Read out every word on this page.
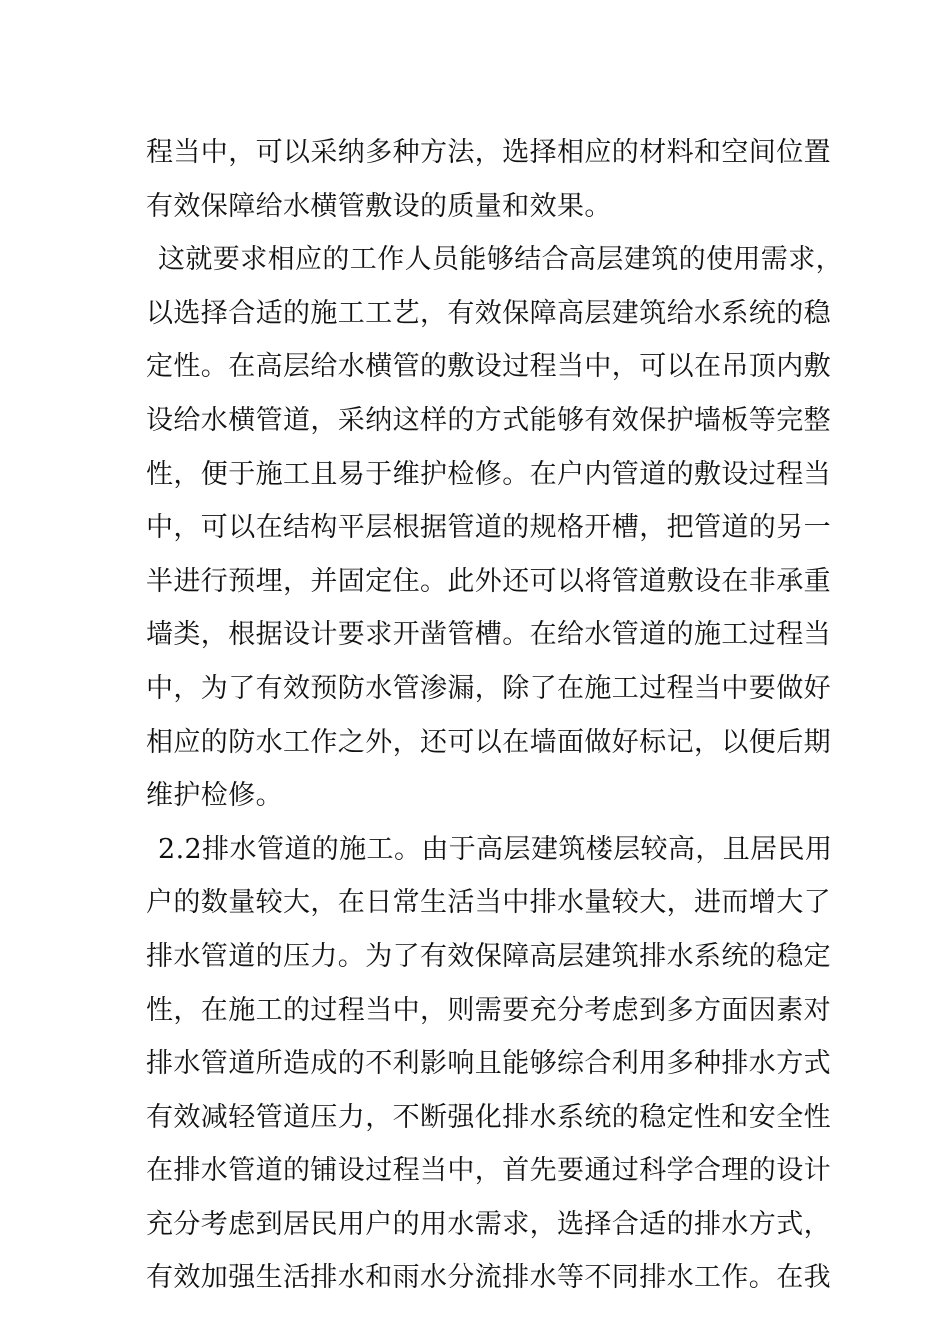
程当中，可以采纳多种方法，选择相应的材料和空间位置
有效保障给水横管敷设的质量和效果。
这就要求相应的工作人员能够结合高层建筑的使用需求，
以选择合适的施工工艺，有效保障高层建筑给水系统的稳
定性。在高层给水横管的敷设过程当中，可以在吊顶内敷
设给水横管道，采纳这样的方式能够有效保护墙板等完整
性，便于施工且易于维护检修。在户内管道的敷设过程当
中，可以在结构平层根据管道的规格开槽，把管道的另一
半进行预埋，并固定住。此外还可以将管道敷设在非承重
墙类，根据设计要求开凿管槽。在给水管道的施工过程当
中，为了有效预防水管渗漏，除了在施工过程当中要做好
相应的防水工作之外，还可以在墙面做好标记，以便后期
维护检修。
2.2排水管道的施工。由于高层建筑楼层较高，且居民用
户的数量较大，在日常生活当中排水量较大，进而增大了
排水管道的压力。为了有效保障高层建筑排水系统的稳定
性，在施工的过程当中，则需要充分考虑到多方面因素对
排水管道所造成的不利影响且能够综合利用多种排水方式
有效减轻管道压力，不断强化排水系统的稳定性和安全性
在排水管道的铺设过程当中，首先要通过科学合理的设计
充分考虑到居民用户的用水需求，选择合适的排水方式，
有效加强生活排水和雨水分流排水等不同排水工作。在我
